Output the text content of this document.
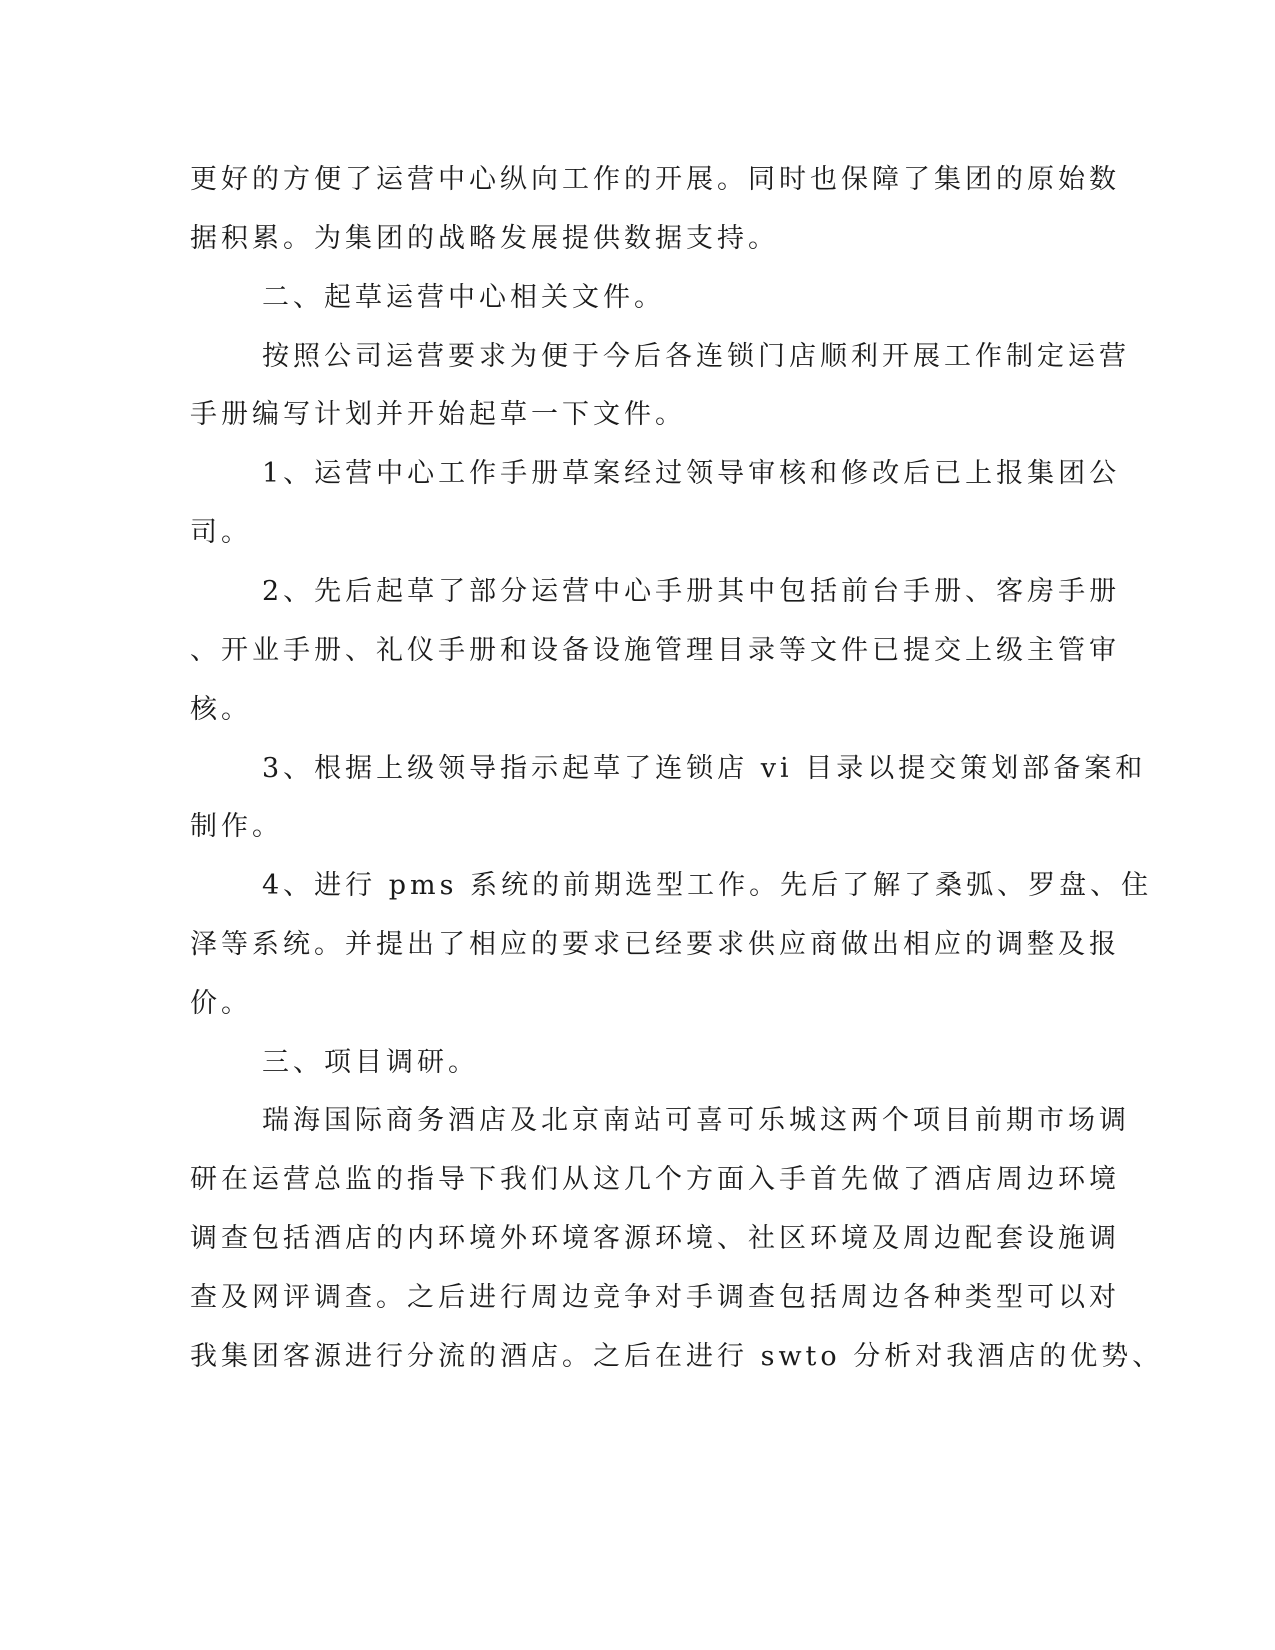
更好的方便了运营中心纵向工作的开展。同时也保障了集团的原始数
据积累。为集团的战略发展提供数据支持。
二、起草运营中心相关文件。
按照公司运营要求为便于今后各连锁门店顺利开展工作制定运营
手册编写计划并开始起草一下文件。
1、运营中心工作手册草案经过领导审核和修改后已上报集团公
司。
2、先后起草了部分运营中心手册其中包括前台手册、客房手册
、开业手册、礼仪手册和设备设施管理目录等文件已提交上级主管审
核。
3、根据上级领导指示起草了连锁店 vi 目录以提交策划部备案和
制作。
4、进行 pms 系统的前期选型工作。先后了解了桑弧、罗盘、住
泽等系统。并提出了相应的要求已经要求供应商做出相应的调整及报
价。
三、项目调研。
瑞海国际商务酒店及北京南站可喜可乐城这两个项目前期市场调
研在运营总监的指导下我们从这几个方面入手首先做了酒店周边环境
调查包括酒店的内环境外环境客源环境、社区环境及周边配套设施调
查及网评调查。之后进行周边竞争对手调查包括周边各种类型可以对
我集团客源进行分流的酒店。之后在进行 swto 分析对我酒店的优势、
